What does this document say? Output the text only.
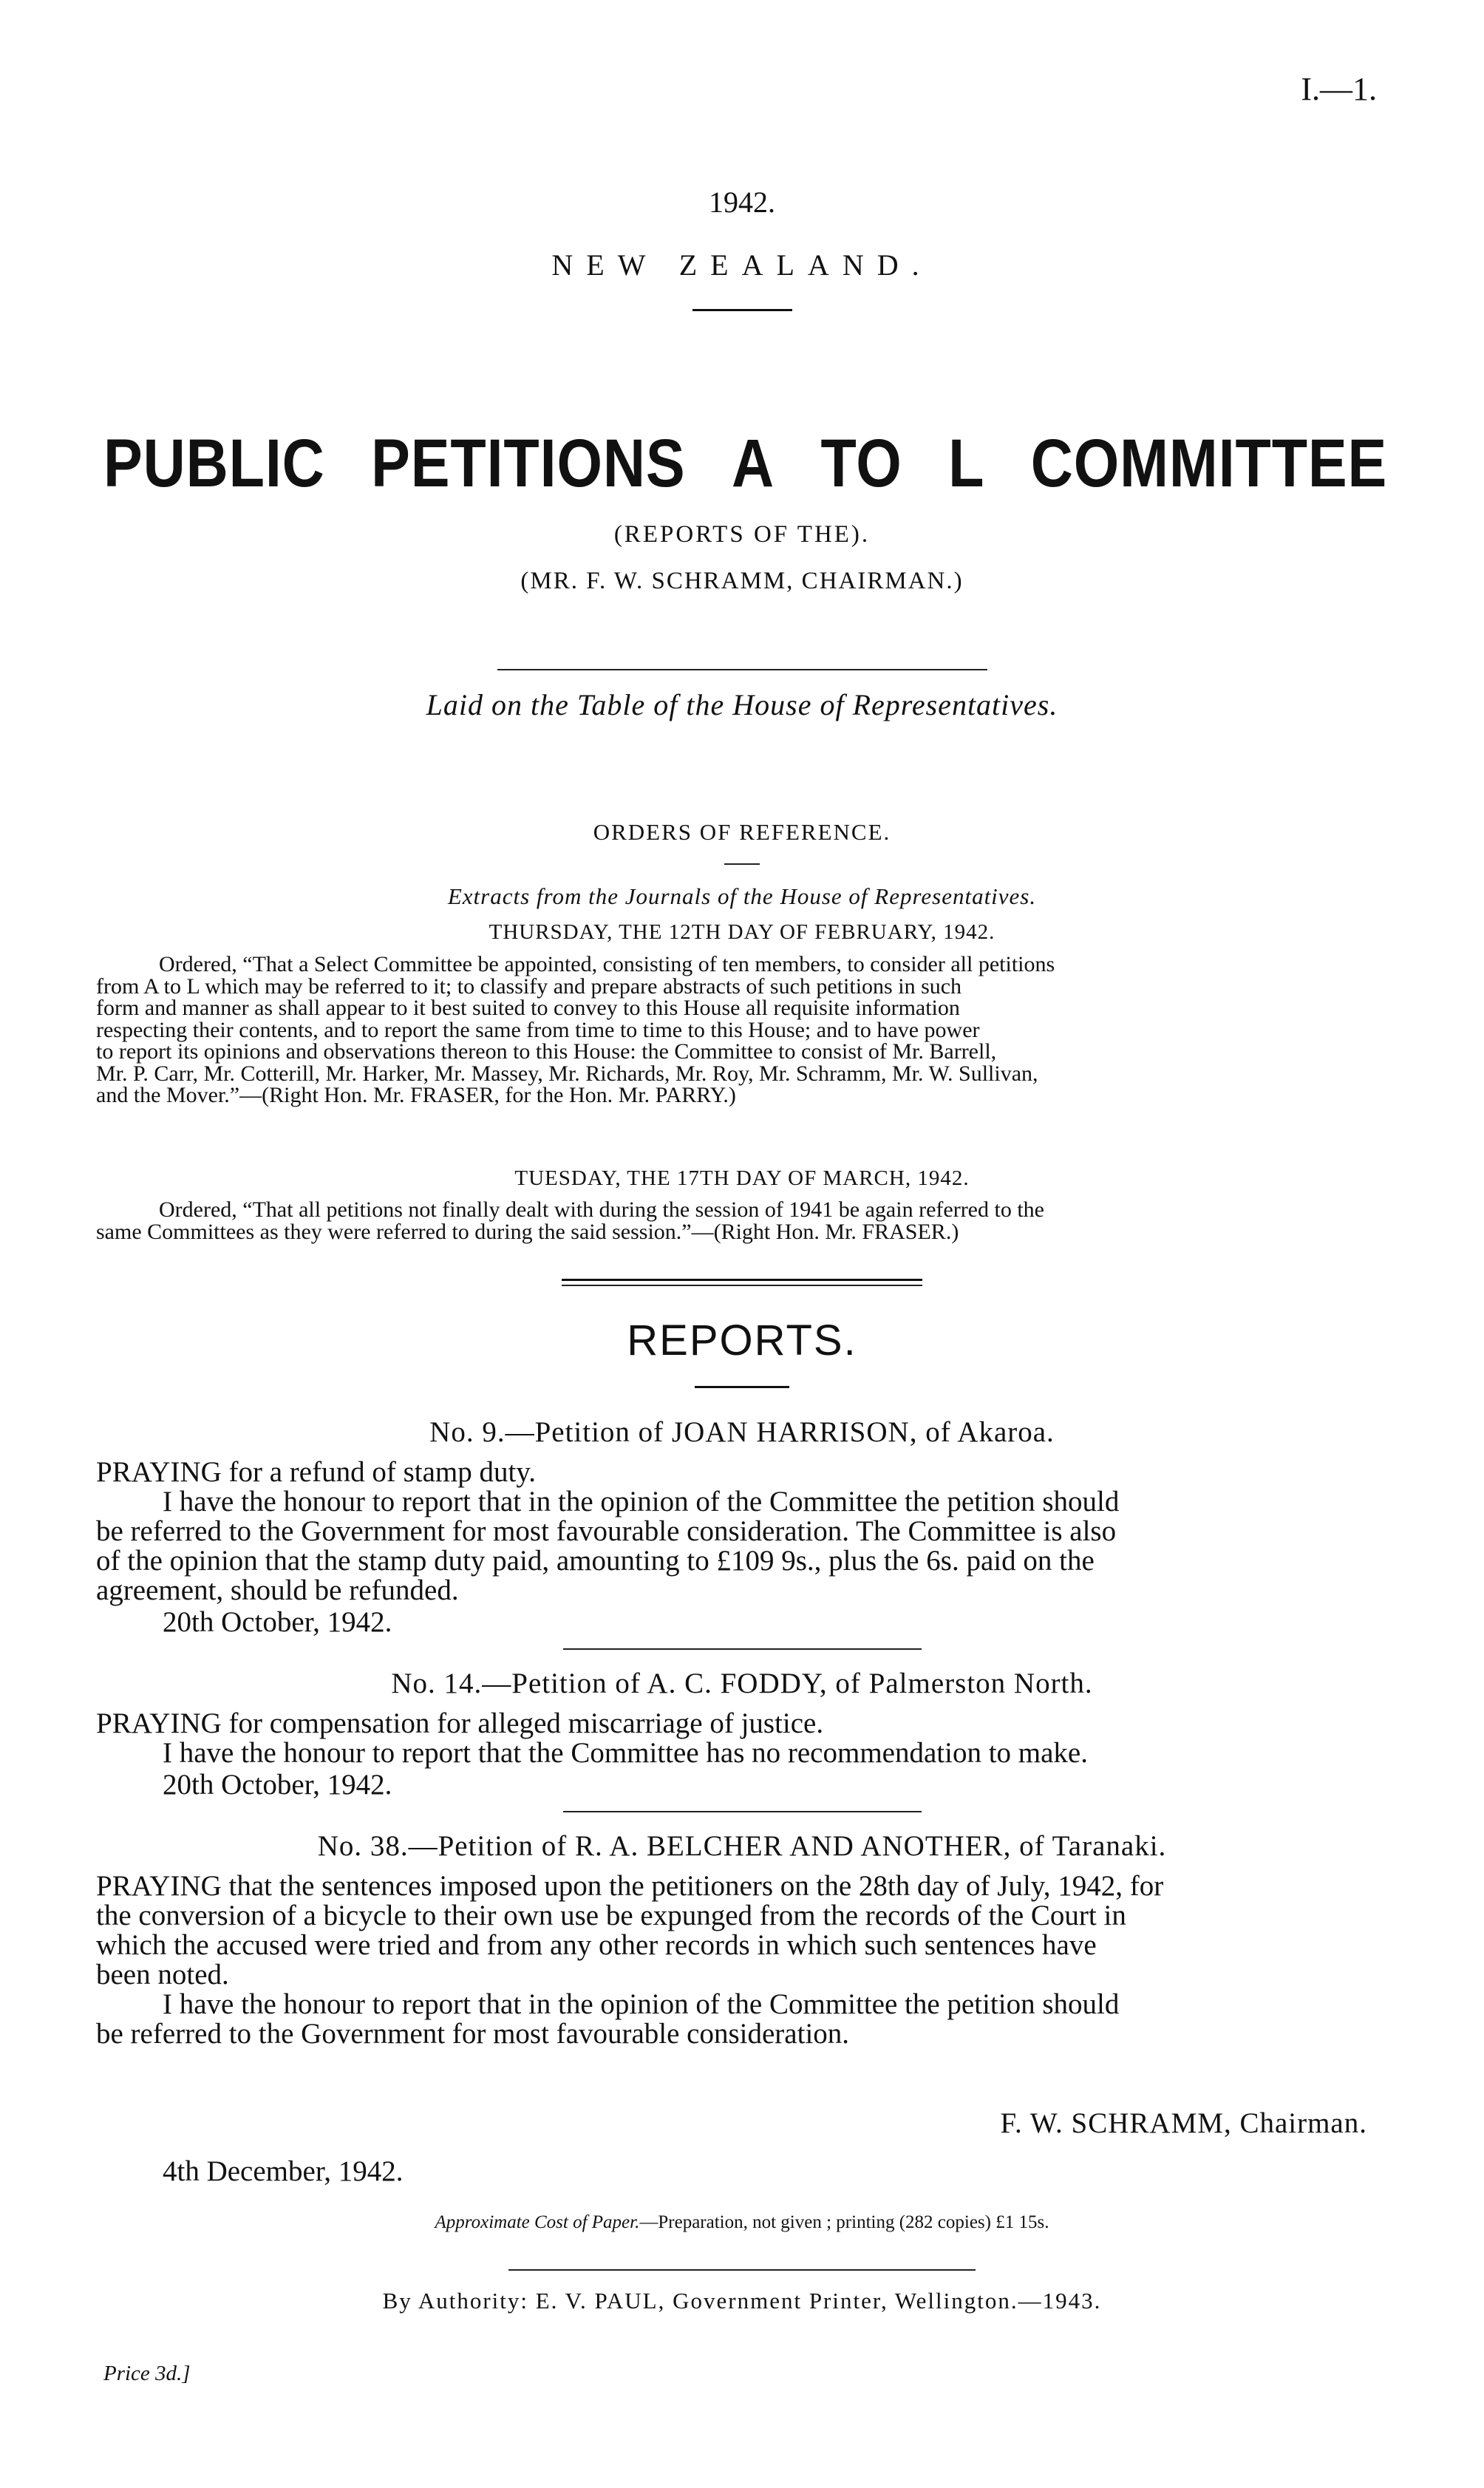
I.—1.
1942.
NEW ZEALAND.
PUBLIC PETITIONS A TO L COMMITTEE
(REPORTS OF THE).
(MR. F. W. SCHRAMM, CHAIRMAN.)
Laid on the Table of the House of Representatives.
ORDERS OF REFERENCE.
Extracts from the Journals of the House of Representatives.
THURSDAY, THE 12TH DAY OF FEBRUARY, 1942.
Ordered, “That a Select Committee be appointed, consisting of ten members, to consider all petitions
from A to L which may be referred to it; to classify and prepare abstracts of such petitions in such
form and manner as shall appear to it best suited to convey to this House all requisite information
respecting their contents, and to report the same from time to time to this House; and to have power
to report its opinions and observations thereon to this House: the Committee to consist of Mr. Barrell,
Mr. P. Carr, Mr. Cotterill, Mr. Harker, Mr. Massey, Mr. Richards, Mr. Roy, Mr. Schramm, Mr. W. Sullivan,
and the Mover.”—(Right Hon. Mr. FRASER, for the Hon. Mr. PARRY.)
TUESDAY, THE 17TH DAY OF MARCH, 1942.
Ordered, “That all petitions not finally dealt with during the session of 1941 be again referred to the
same Committees as they were referred to during the said session.”—(Right Hon. Mr. FRASER.)
REPORTS.
No. 9.—Petition of JOAN HARRISON, of Akaroa.
PRAYING for a refund of stamp duty.
I have the honour to report that in the opinion of the Committee the petition should
be referred to the Government for most favourable consideration. The Committee is also
of the opinion that the stamp duty paid, amounting to £109 9s., plus the 6s. paid on the
agreement, should be refunded.
20th October, 1942.
No. 14.—Petition of A. C. FODDY, of Palmerston North.
PRAYING for compensation for alleged miscarriage of justice.
I have the honour to report that the Committee has no recommendation to make.
20th October, 1942.
No. 38.—Petition of R. A. BELCHER AND ANOTHER, of Taranaki.
PRAYING that the sentences imposed upon the petitioners on the 28th day of July, 1942, for
the conversion of a bicycle to their own use be expunged from the records of the Court in
which the accused were tried and from any other records in which such sentences have
been noted.
I have the honour to report that in the opinion of the Committee the petition should
be referred to the Government for most favourable consideration.
F. W. SCHRAMM, Chairman.
4th December, 1942.
Approximate Cost of Paper.—Preparation, not given ; printing (282 copies) £1 15s.
By Authority: E. V. PAUL, Government Printer, Wellington.—1943.
Price 3d.]
